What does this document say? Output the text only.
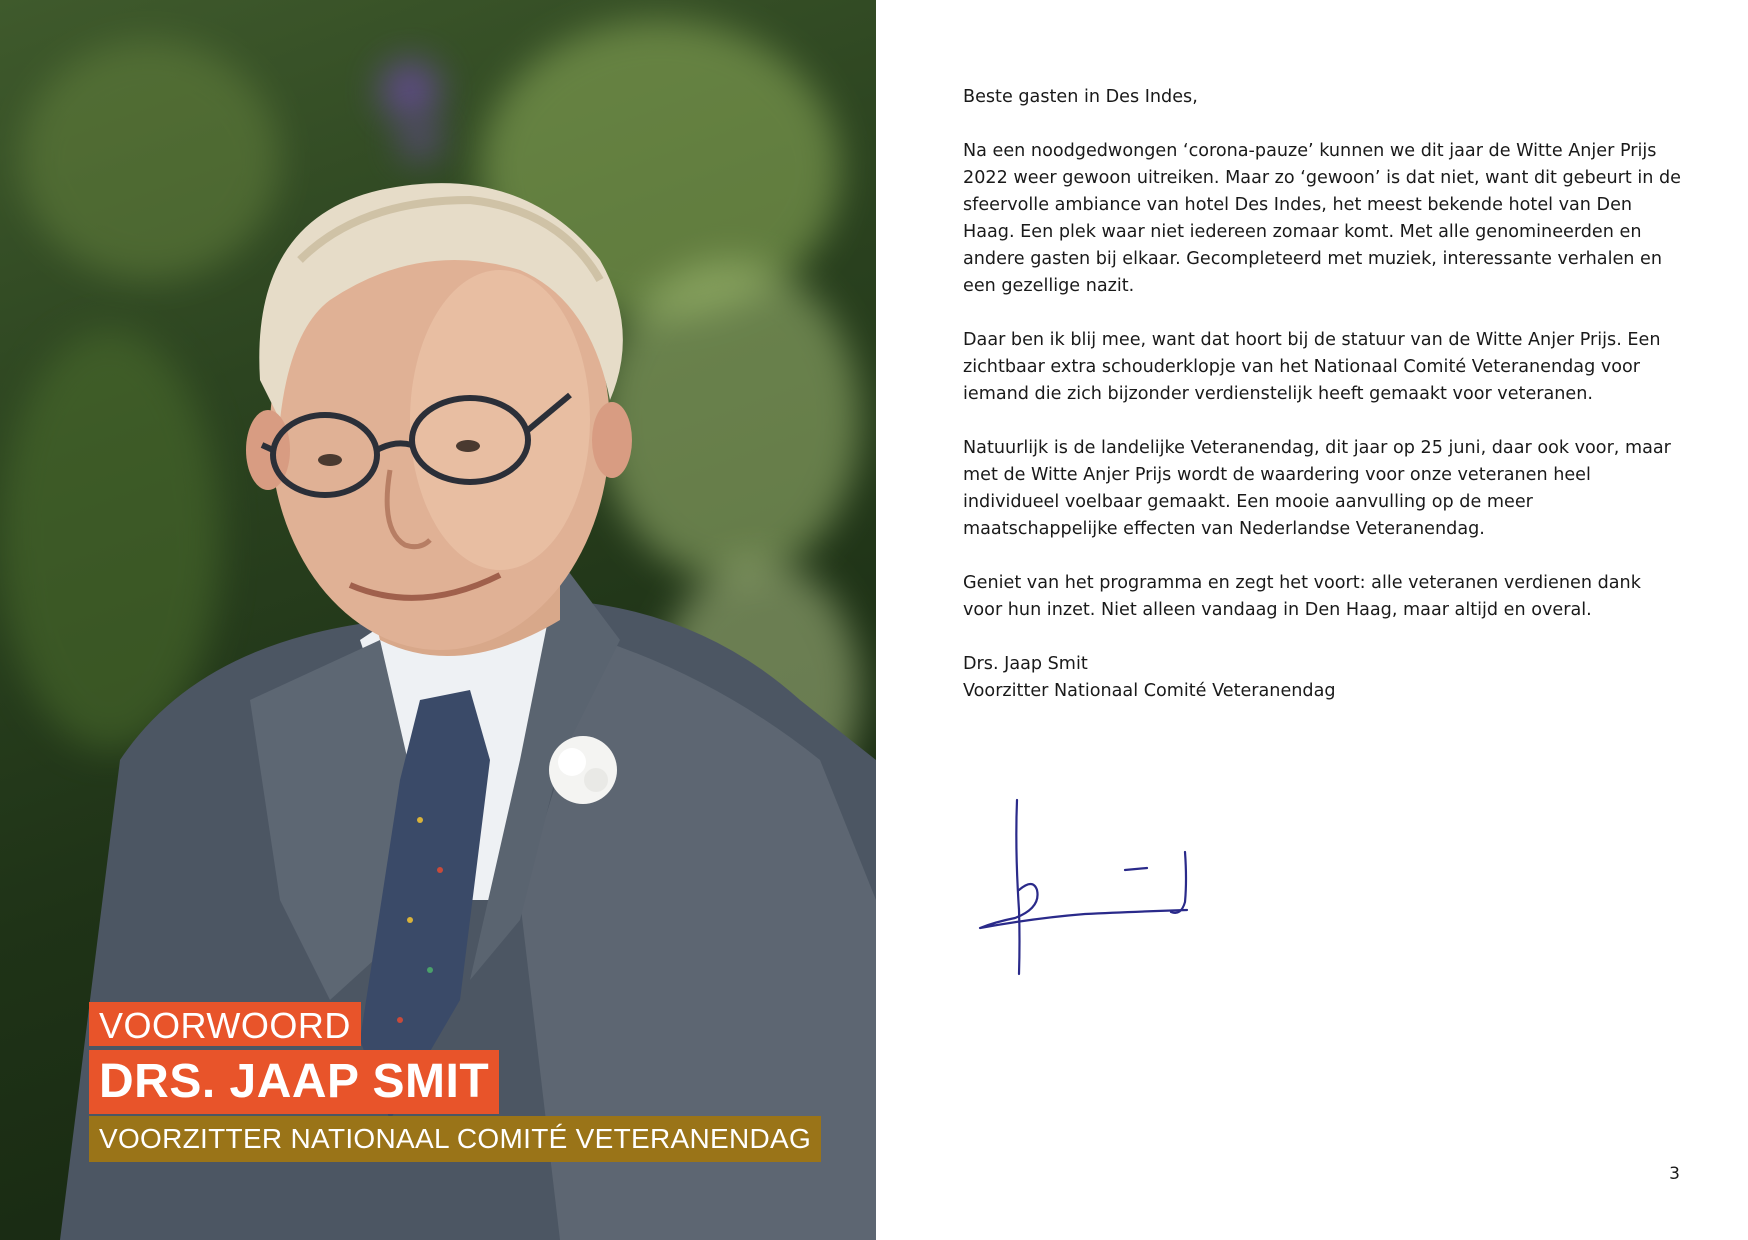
VOORWOORD
DRS. JAAP SMIT
VOORZITTER NATIONAAL COMITÉ VETERANENDAG

Beste gasten in Des Indes,

Na een noodgedwongen ‘corona-pauze’ kunnen we dit jaar de Witte Anjer Prijs 2022 weer gewoon uitreiken. Maar zo ‘gewoon’ is dat niet, want dit gebeurt in de sfeervolle ambiance van hotel Des Indes, het meest bekende hotel van Den Haag. Een plek waar niet iedereen zomaar komt. Met alle genomineerden en andere gasten bij elkaar. Gecompleteerd met muziek, interessante verhalen en een gezellige nazit.

Daar ben ik blij mee, want dat hoort bij de statuur van de Witte Anjer Prijs. Een zichtbaar extra schouderklopje van het Nationaal Comité Veteranendag voor iemand die zich bijzonder verdienstelijk heeft gemaakt voor veteranen.

Natuurlijk is de landelijke Veteranendag, dit jaar op 25 juni, daar ook voor, maar met de Witte Anjer Prijs wordt de waardering voor onze veteranen heel individueel voelbaar gemaakt. Een mooie aanvulling op de meer maatschappelijke effecten van Nederlandse Veteranendag.

Geniet van het programma en zegt het voort: alle veteranen verdienen dank voor hun inzet. Niet alleen vandaag in Den Haag, maar altijd en overal.

Drs. Jaap Smit

Voorzitter Nationaal Comité Veteranendag

3
